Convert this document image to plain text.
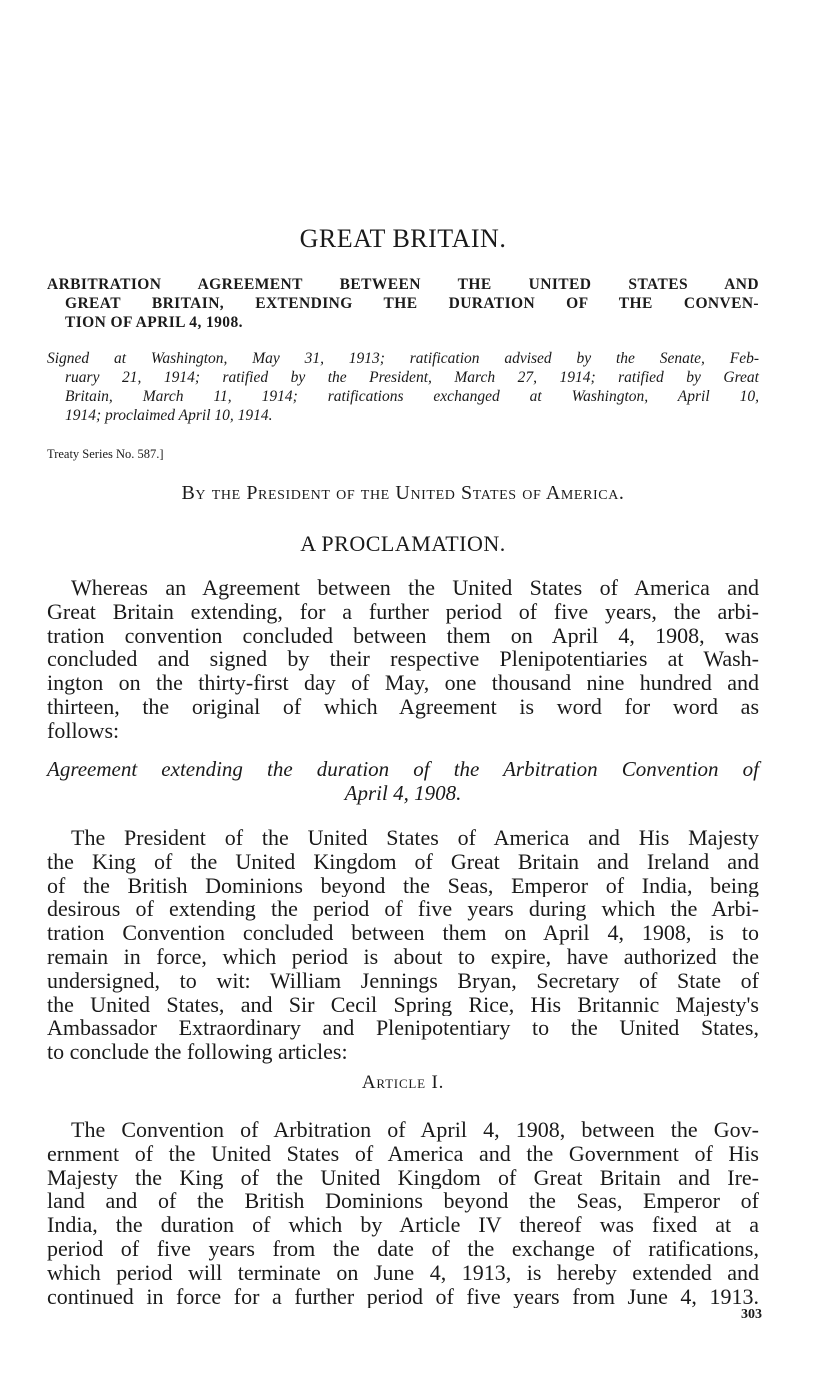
GREAT BRITAIN.
ARBITRATION AGREEMENT BETWEEN THE UNITED STATES AND
GREAT BRITAIN, EXTENDING THE DURATION OF THE CONVEN-
TION OF APRIL 4, 1908.
Signed at Washington, May 31, 1913; ratification advised by the Senate, Feb-
ruary 21, 1914; ratified by the President, March 27, 1914; ratified by Great
Britain, March 11, 1914; ratifications exchanged at Washington, April 10,
1914; proclaimed April 10, 1914.
Treaty Series No. 587.]
By the President of the United States of America.
A PROCLAMATION.
Whereas an Agreement between the United States of America and
Great Britain extending, for a further period of five years, the arbi-
tration convention concluded between them on April 4, 1908, was
concluded and signed by their respective Plenipotentiaries at Wash-
ington on the thirty-first day of May, one thousand nine hundred and
thirteen, the original of which Agreement is word for word as
follows:
Agreement extending the duration of the Arbitration Convention of
April 4, 1908.
The President of the United States of America and His Majesty
the King of the United Kingdom of Great Britain and Ireland and
of the British Dominions beyond the Seas, Emperor of India, being
desirous of extending the period of five years during which the Arbi-
tration Convention concluded between them on April 4, 1908, is to
remain in force, which period is about to expire, have authorized the
undersigned, to wit: William Jennings Bryan, Secretary of State of
the United States, and Sir Cecil Spring Rice, His Britannic Majesty's
Ambassador Extraordinary and Plenipotentiary to the United States,
to conclude the following articles:
Article I.
The Convention of Arbitration of April 4, 1908, between the Gov-
ernment of the United States of America and the Government of His
Majesty the King of the United Kingdom of Great Britain and Ire-
land and of the British Dominions beyond the Seas, Emperor of
India, the duration of which by Article IV thereof was fixed at a
period of five years from the date of the exchange of ratifications,
which period will terminate on June 4, 1913, is hereby extended and
continued in force for a further period of five years from June 4, 1913.
303
